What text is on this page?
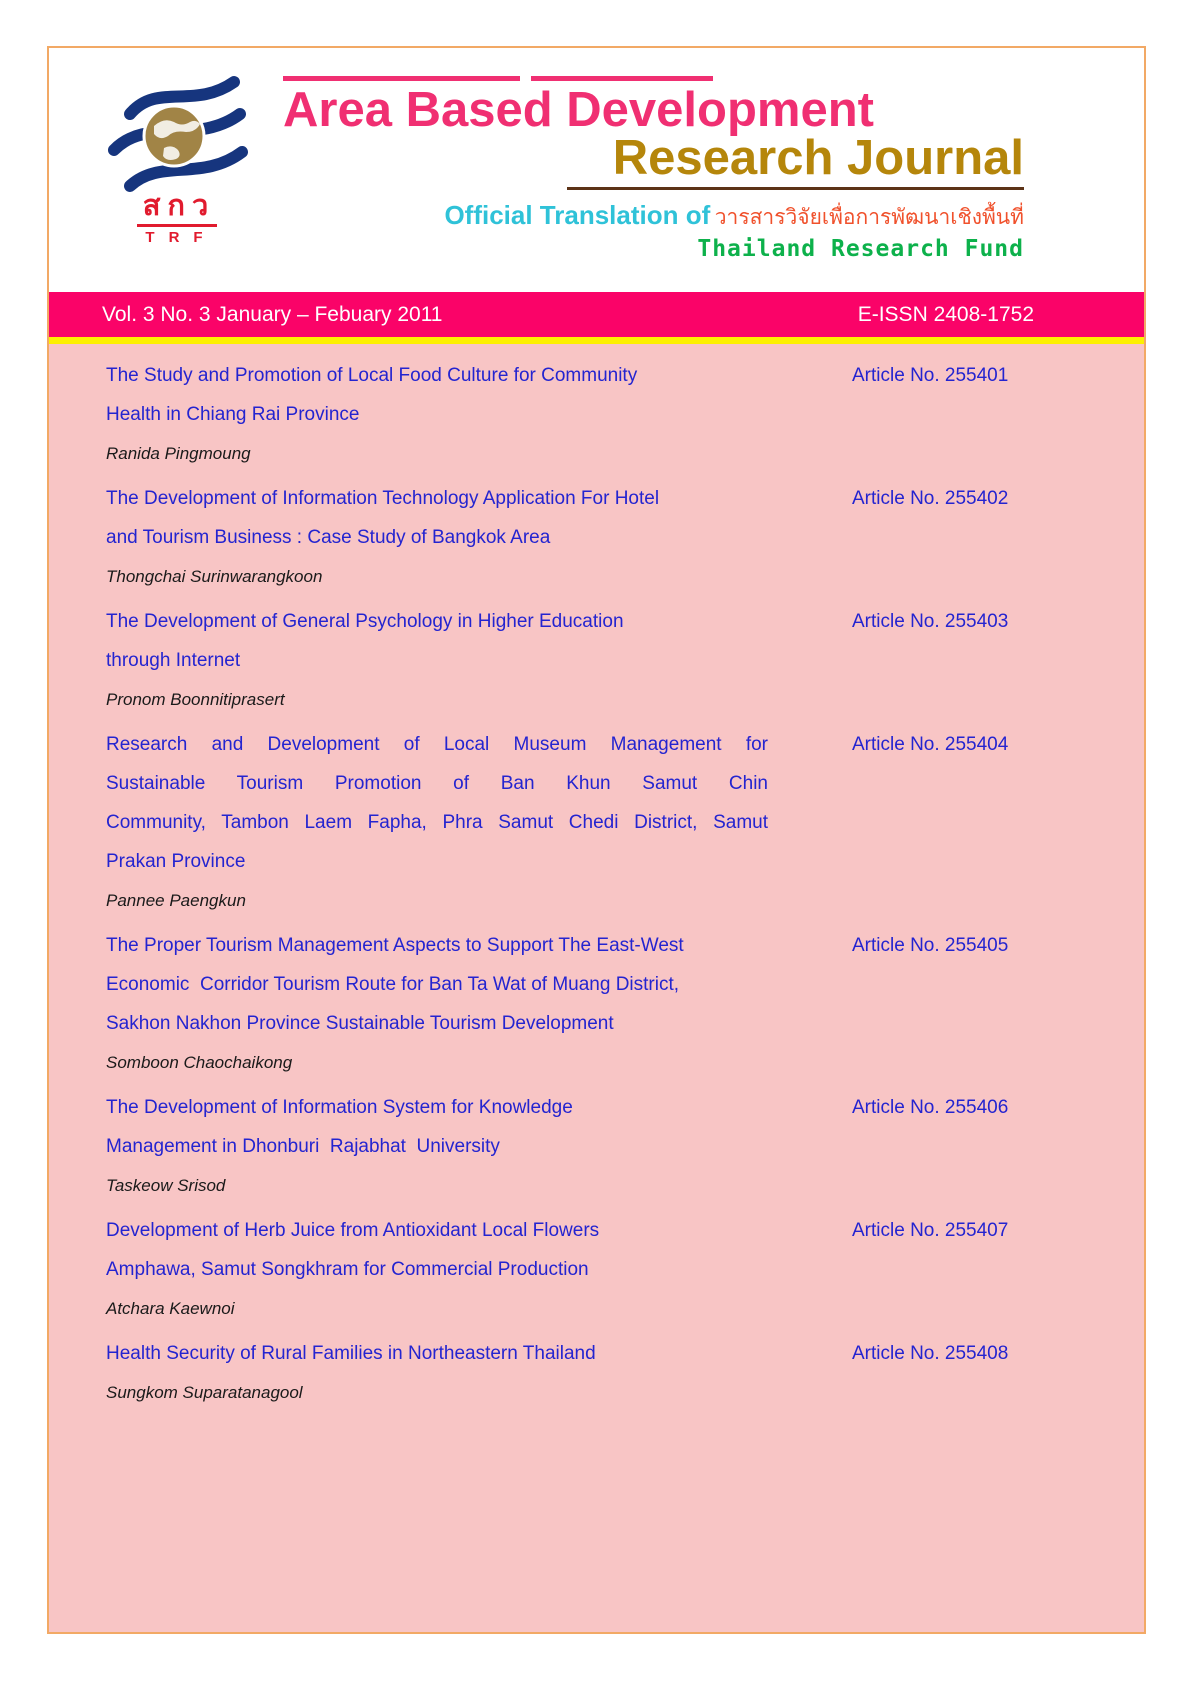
สกว
TRF
Area Based Development
Research Journal
Official Translation of วารสารวิจัยเพื่อการพัฒนาเชิงพื้นที่
Thailand Research Fund
Vol. 3 No. 3 January – Febuary 2011	E-ISSN 2408-1752
The Study and Promotion of Local Food Culture for Community
Health in Chiang Rai Province
Ranida Pingmoung
Article No. 255401
The Development of Information Technology Application For Hotel
and Tourism Business : Case Study of Bangkok Area
Thongchai Surinwarangkoon
Article No. 255402
The Development of General Psychology in Higher Education
through Internet
Pronom Boonnitiprasert
Article No. 255403
Research and Development of Local Museum Management for
Sustainable Tourism Promotion of Ban Khun Samut Chin
Community, Tambon Laem Fapha, Phra Samut Chedi District, Samut
Prakan Province
Pannee Paengkun
Article No. 255404
The Proper Tourism Management Aspects to Support The East-West
Economic  Corridor Tourism Route for Ban Ta Wat of Muang District,
Sakhon Nakhon Province Sustainable Tourism Development
Somboon Chaochaikong
Article No. 255405
The Development of Information System for Knowledge
Management in Dhonburi  Rajabhat  University
Taskeow Srisod
Article No. 255406
Development of Herb Juice from Antioxidant Local Flowers
Amphawa, Samut Songkhram for Commercial Production
Atchara Kaewnoi
Article No. 255407
Health Security of Rural Families in Northeastern Thailand
Sungkom Suparatanagool
Article No. 255408
